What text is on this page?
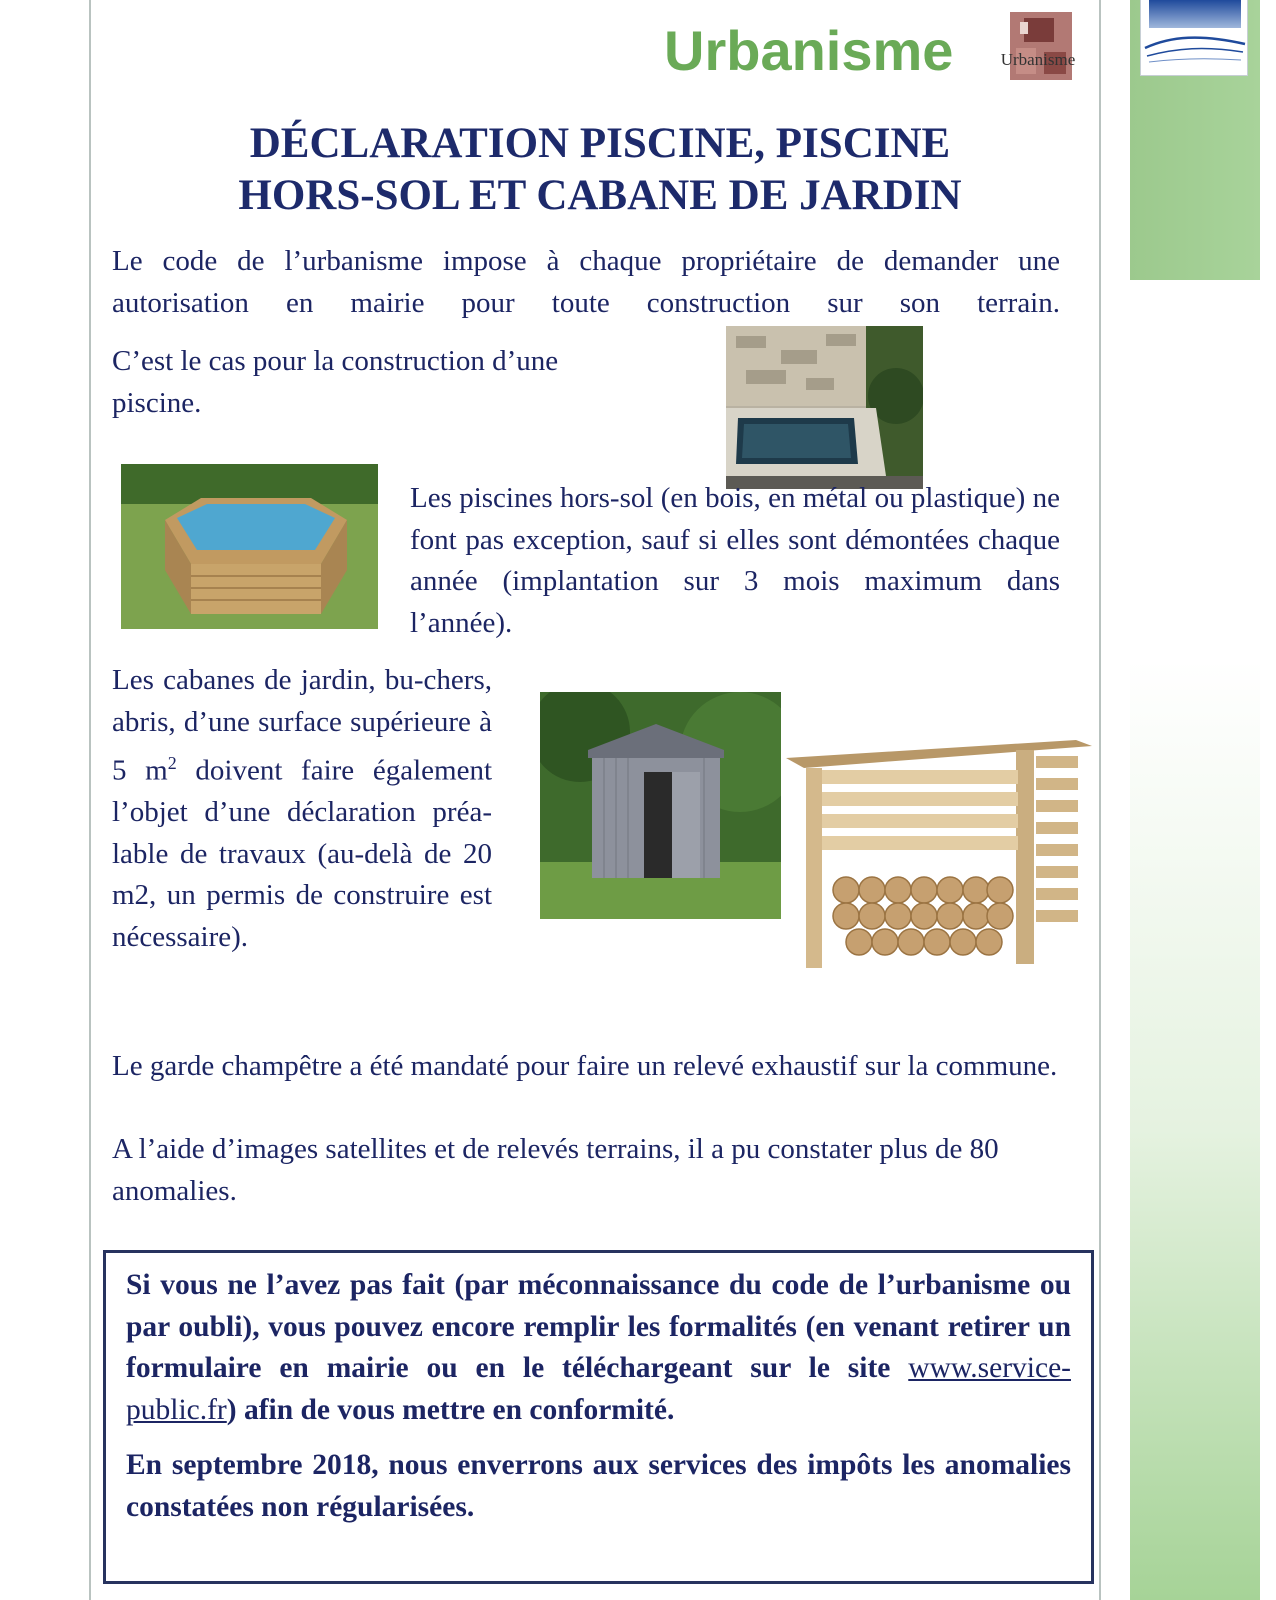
Urbanisme	Urbanisme
DÉCLARATION PISCINE, PISCINE
HORS-SOL ET CABANE DE JARDIN

Le code de l’urbanisme impose à chaque propriétaire de demander une autorisation en mairie pour toute construction sur son terrain.

C’est le cas pour la construction d’une piscine.

Les piscines hors-sol (en bois, en métal ou plastique) ne font pas exception, sauf si elles sont démontées chaque année (implantation sur 3 mois maximum dans l’année).

Les cabanes de jardin, bu-chers, abris, d’une surface supérieure à 5 $m^2$ doivent faire également l’objet d’une déclaration préa-lable de travaux (au-delà de 20 m2, un permis de construire est nécessaire).

Le garde champêtre a été mandaté pour faire un relevé exhaustif sur la commune.

A l’aide d’images satellites et de relevés terrains, il a pu constater plus de 80 anomalies.

Si vous ne l’avez pas fait (par méconnaissance du code de l’urbanisme ou par oubli), vous pouvez encore remplir les formalités (en venant retirer un formulaire en mairie ou en le téléchargeant sur le site www.service-public.fr) afin de vous mettre en conformité.

En septembre 2018, nous enverrons aux services des impôts les anomalies constatées non régularisées.
